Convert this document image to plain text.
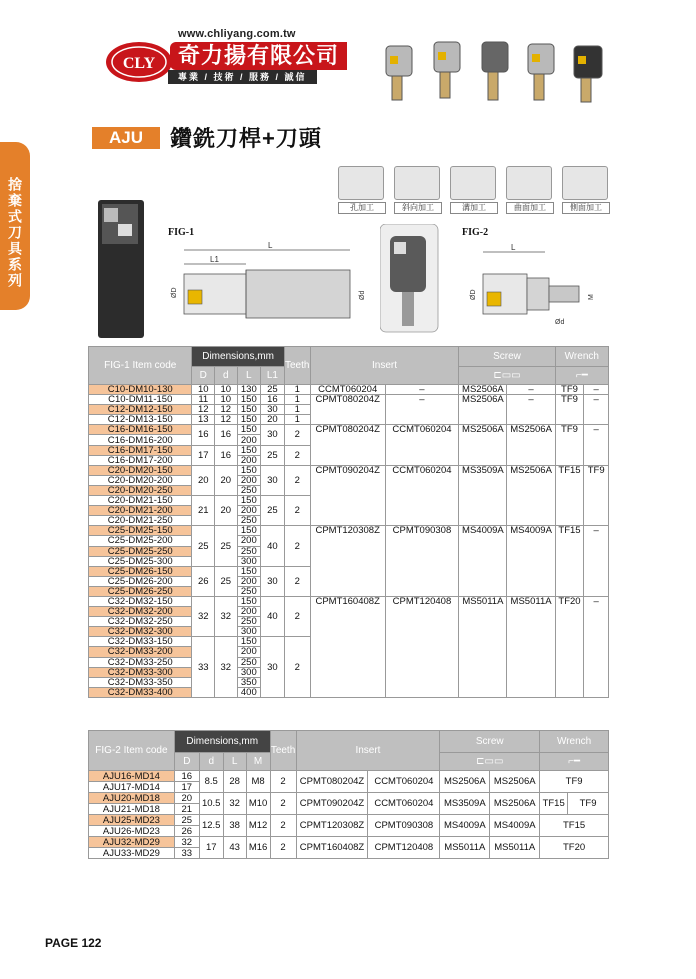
www.chliyang.com.tw
CLY	奇力揚有限公司
專業 / 技術 / 服務 / 誠信
捨棄式刀具系列
AJU	鑽銑刀桿+刀頭
孔加工	斜向加工	溝加工	曲面加工	側面加工
FIG-1
L
L1
ØD	Ød
FIG-2
L
ØD
Ød
M
FIG-1 Item code	Dimensions,mm				Teeth	Insert		Screw		Wrench	
	D	d	L	L1				⊏▭▭		⌐━	
C10-DM10-130	10	10	130	25	1	CCMT060204	–	MS2506A	–	TF9	–
C10-DM11-150	11	10	150	16	1	CPMT080204Z	–	MS2506A	–	TF9	–
C12-DM12-150	12	12	150	30	1						
C12-DM13-150	13	12	150	20	1						
C16-DM16-150	16	16	150	30	2	CPMT080204Z	CCMT060204	MS2506A	MS2506A	TF9	–
C16-DM16-200			200								
C16-DM17-150	17	16	150	25	2						
C16-DM17-200			200								
C20-DM20-150	20	20	150	30	2	CPMT090204Z	CCMT060204	MS3509A	MS2506A	TF15	TF9
C20-DM20-200			200								
C20-DM20-250			250								
C20-DM21-150	21	20	150	25	2						
C20-DM21-200			200								
C20-DM21-250			250								
C25-DM25-150	25	25	150	40	2	CPMT120308Z	CPMT090308	MS4009A	MS4009A	TF15	–
C25-DM25-200			200								
C25-DM25-250			250								
C25-DM25-300			300								
C25-DM26-150	26	25	150	30	2						
C25-DM26-200			200								
C25-DM26-250			250								
C32-DM32-150	32	32	150	40	2	CPMT160408Z	CPMT120408	MS5011A	MS5011A	TF20	–
C32-DM32-200			200								
C32-DM32-250			250								
C32-DM32-300			300								
C32-DM33-150	33	32	150	30	2						
C32-DM33-200			200								
C32-DM33-250			250								
C32-DM33-300			300								
C32-DM33-350			350								
C32-DM33-400			400								
FIG-2 Item code	Dimensions,mm				Teeth	Insert		Screw		Wrench	
	D	d	L	M				⊏▭▭		⌐━	
AJU16-MD14	16	8.5	28	M8	2	CPMT080204Z	CCMT060204	MS2506A	MS2506A	TF9	
AJU17-MD14	17										
AJU20-MD18	20	10.5	32	M10	2	CPMT090204Z	CCMT060204	MS3509A	MS2506A	TF15	TF9
AJU21-MD18	21										
AJU25-MD23	25	12.5	38	M12	2	CPMT120308Z	CPMT090308	MS4009A	MS4009A	TF15	
AJU26-MD23	26										
AJU32-MD29	32	17	43	M16	2	CPMT160408Z	CPMT120408	MS5011A	MS5011A	TF20	
AJU33-MD29	33										
PAGE 122
